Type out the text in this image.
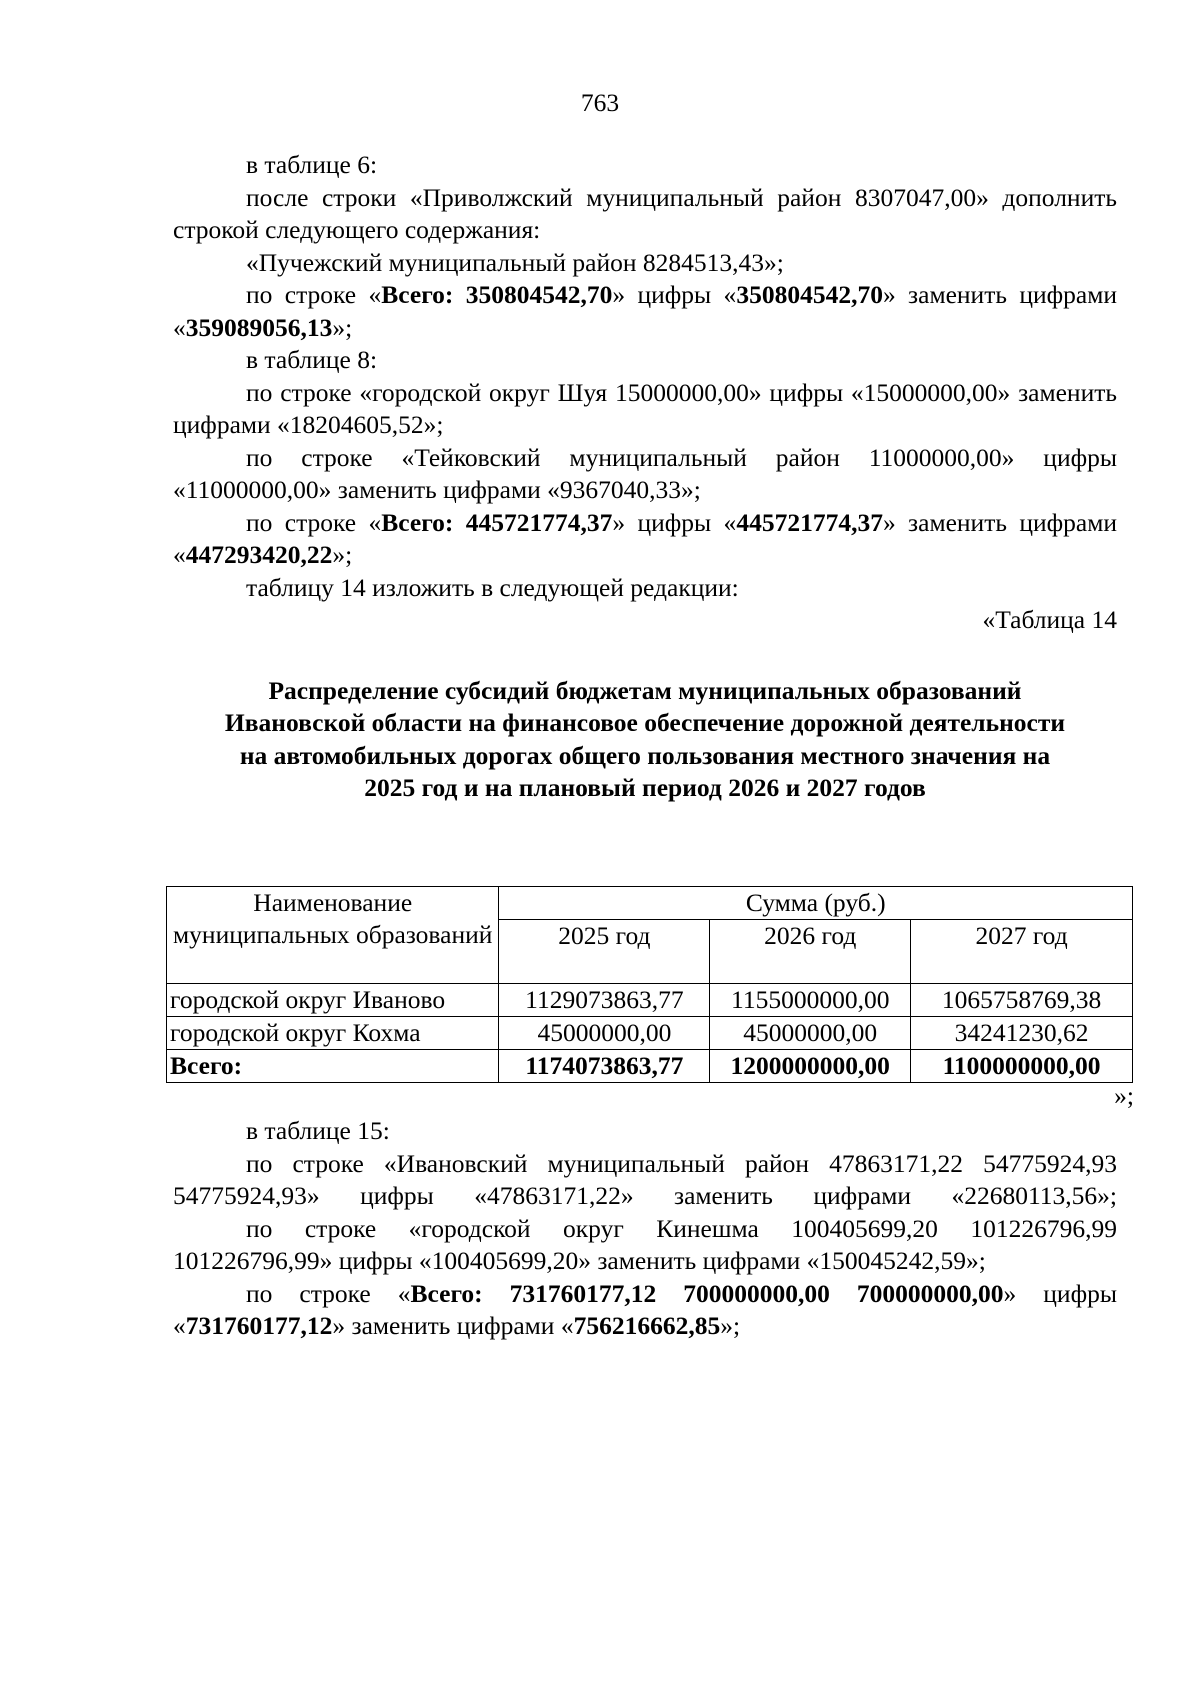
763

в таблице 6:

после строки «Приволжский муниципальный район 8307047,00» дополнить строкой следующего содержания:

«Пучежский муниципальный район 8284513,43»;

по строке «Всего: 350804542,70» цифры «350804542,70» заменить цифрами «359089056,13»;

в таблице 8:

по строке «городской округ Шуя 15000000,00» цифры «15000000,00» заменить цифрами «18204605,52»;

по строке «Тейковский муниципальный район 11000000,00» цифры «11000000,00» заменить цифрами «9367040,33»;

по строке «Всего: 445721774,37» цифры «445721774,37» заменить цифрами «447293420,22»;

таблицу 14 изложить в следующей редакции:

«Таблица 14

Распределение субсидий бюджетам муниципальных образований Ивановской области на финансовое обеспечение дорожной деятельности на автомобильных дорогах общего пользования местного значения на 2025 год и на плановый период 2026 и 2027 годов
Наименование муниципальных образований	Сумма (руб.)		
	2025 год	2026 год	2027 год
городской округ Иваново	1129073863,77	1155000000,00	1065758769,38
городской округ Кохма	45000000,00	45000000,00	34241230,62
Всего:	1174073863,77	1200000000,00	1100000000,00
»;

в таблице 15:

по строке «Ивановский муниципальный район 47863171,22 54775924,93 54775924,93» цифры «47863171,22» заменить цифрами «22680113,56»;

по строке «городской округ Кинешма 100405699,20 101226796,99 101226796,99» цифры «100405699,20» заменить цифрами «150045242,59»;

по строке «Всего: 731760177,12 700000000,00 700000000,00» цифры «731760177,12» заменить цифрами «756216662,85»;
